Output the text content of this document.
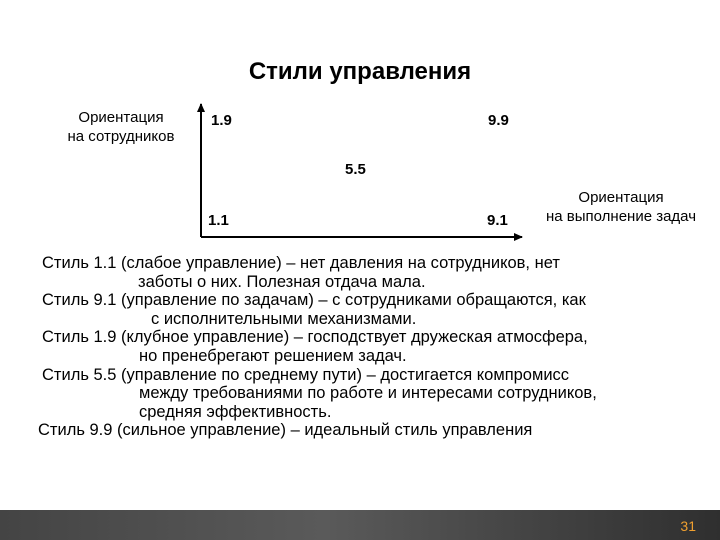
Стили управления
Ориентация
на сотрудников
1.9	9.9
5.5
1.1	9.1
Ориентация
на выполнение задач
Стиль 1.1 (слабое управление) – нет давления на сотрудников, нет
заботы о них. Полезная отдача мала.
Стиль 9.1 (управление по задачам) – с сотрудниками обращаются, как
с исполнительными механизмами.
Стиль 1.9 (клубное управление) – господствует дружеская атмосфера,
но пренебрегают решением задач.
Стиль 5.5 (управление по среднему пути) – достигается компромисс
между требованиями по работе и интересами сотрудников,
средняя эффективность.
Стиль 9.9 (сильное управление) – идеальный стиль управления
31
